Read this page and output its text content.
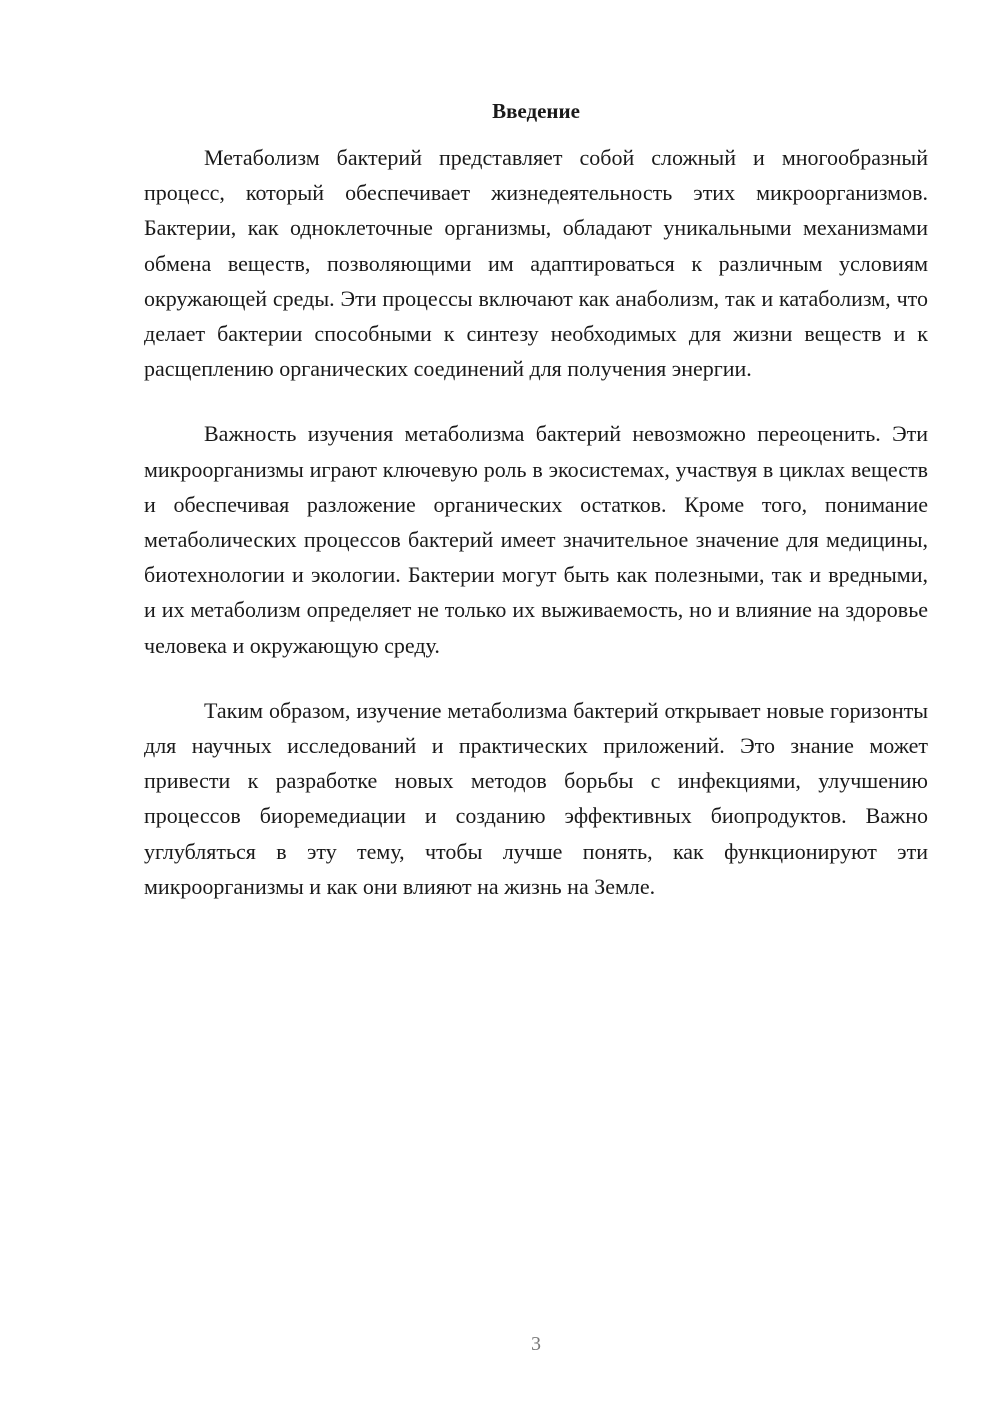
Введение

Метаболизм бактерий представляет собой сложный и многообразный процесс, который обеспечивает жизнедеятельность этих микроорганизмов. Бактерии, как одноклеточные организмы, обладают уникальными механизмами обмена веществ, позволяющими им адаптироваться к различным условиям окружающей среды. Эти процессы включают как анаболизм, так и катаболизм, что делает бактерии способными к синтезу необходимых для жизни веществ и к расщеплению органических соединений для получения энергии.

Важность изучения метаболизма бактерий невозможно переоценить. Эти микроорганизмы играют ключевую роль в экосистемах, участвуя в циклах веществ и обеспечивая разложение органических остатков. Кроме того, понимание метаболических процессов бактерий имеет значительное значение для медицины, биотехнологии и экологии. Бактерии могут быть как полезными, так и вредными, и их метаболизм определяет не только их выживаемость, но и влияние на здоровье человека и окружающую среду.

Таким образом, изучение метаболизма бактерий открывает новые горизонты для научных исследований и практических приложений. Это знание может привести к разработке новых методов борьбы с инфекциями, улучшению процессов биоремедиации и созданию эффективных биопродуктов. Важно углубляться в эту тему, чтобы лучше понять, как функционируют эти микроорганизмы и как они влияют на жизнь на Земле.

3
